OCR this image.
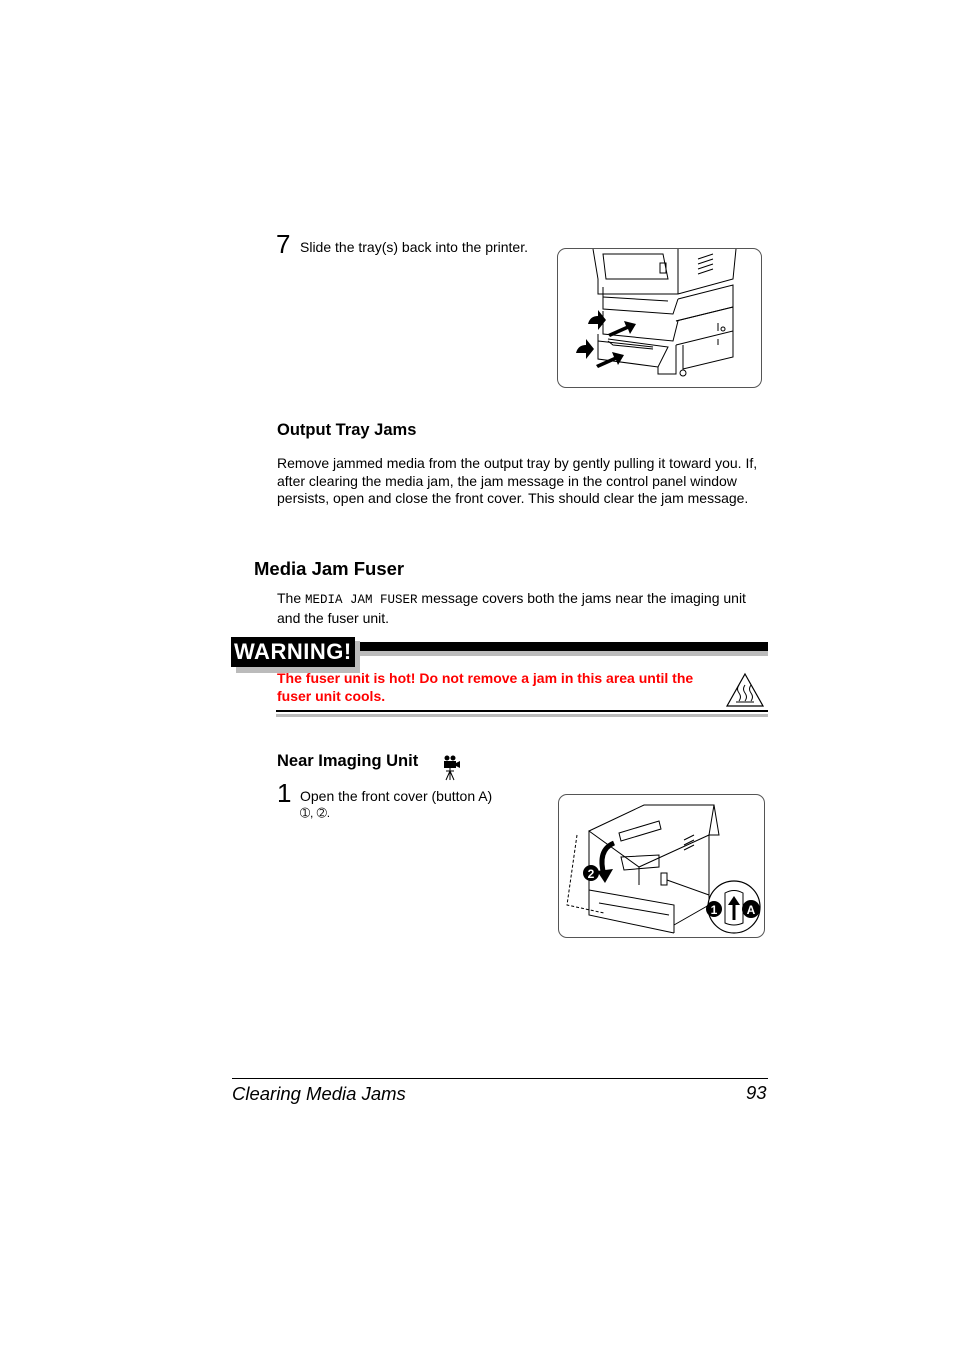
7 Slide the tray(s) back into the printer.
Output Tray Jams
Remove jammed media from the output tray by gently pulling it toward you. If, after clearing the media jam, the jam message in the control panel window persists, open and close the front cover. This should clear the jam message.
Media Jam Fuser
The MEDIA JAM FUSER message covers both the jams near the imaging unit and the fuser unit.
WARNING!
The fuser unit is hot! Do not remove a jam in this area until the fuser unit cools.
Near Imaging Unit
1 Open the front cover (button A)
➀, ➁.
2
1 A
Clearing Media Jams	93
